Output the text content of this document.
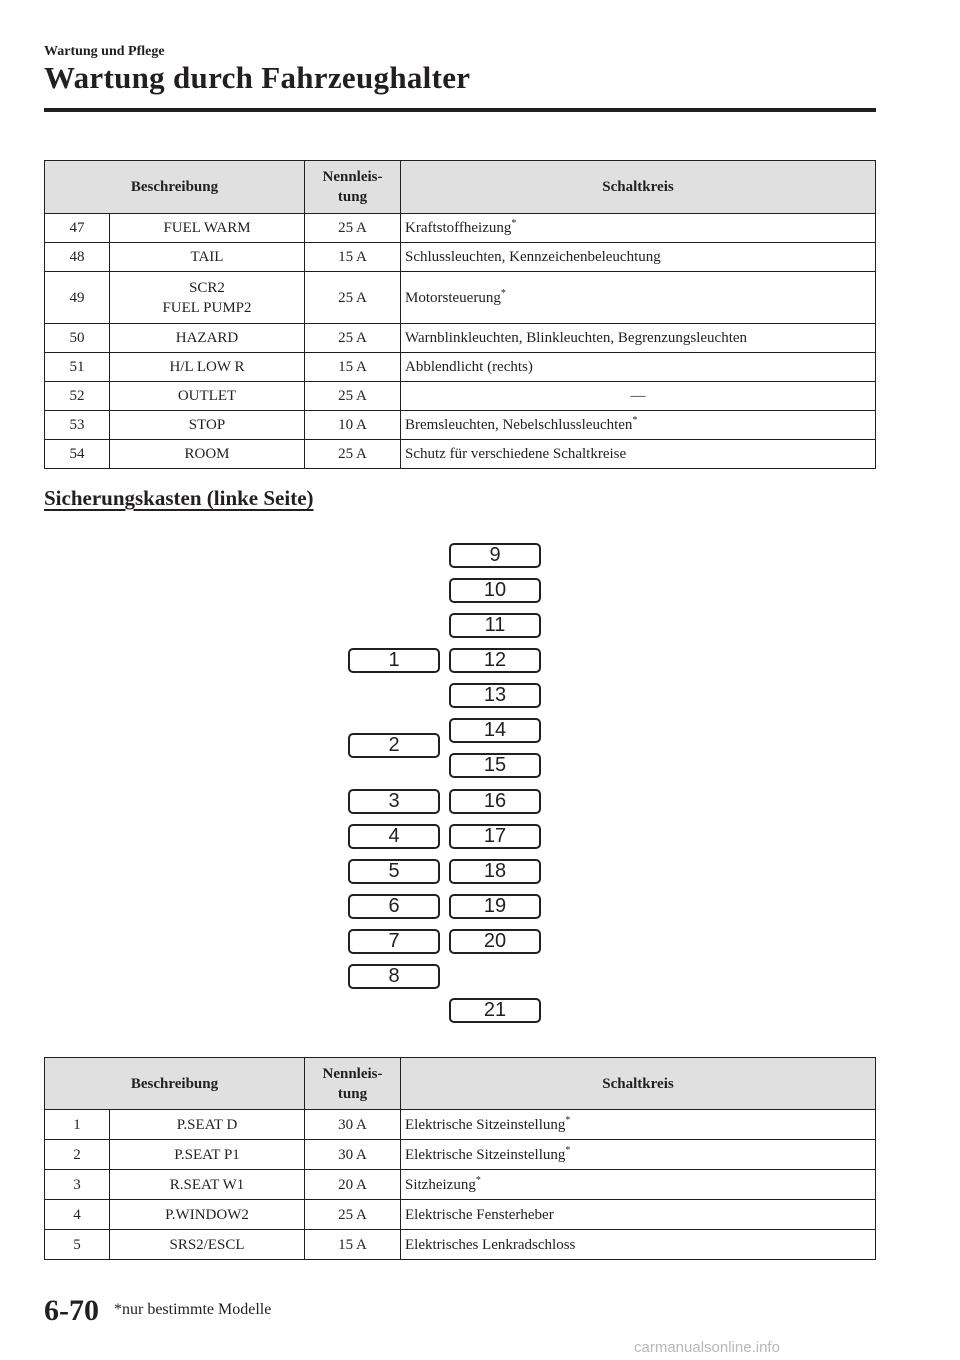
Wartung und Pflege
Wartung durch Fahrzeughalter
Beschreibung		Nennleis-
tung	Schaltkreis
47	FUEL WARM	25 A	Kraftstoffheizung*
48	TAIL	15 A	Schlussleuchten, Kennzeichenbeleuchtung
49	SCR2
FUEL PUMP2	25 A	Motorsteuerung*
50	HAZARD	25 A	Warnblinkleuchten, Blinkleuchten, Begrenzungsleuchten
51	H/L LOW R	15 A	Abblendlicht (rechts)
52	OUTLET	25 A	—
53	STOP	10 A	Bremsleuchten, Nebelschlussleuchten*
54	ROOM	25 A	Schutz für verschiedene Schaltkreise
Sicherungskasten (linke Seite)
1
2
3
4
5
6
7
8
9
10
11
12
13
14
15
16
17
18
19
20
21
Beschreibung		Nennleis-
tung	Schaltkreis
1	P.SEAT D	30 A	Elektrische Sitzeinstellung*
2	P.SEAT P1	30 A	Elektrische Sitzeinstellung*
3	R.SEAT W1	20 A	Sitzheizung*
4	P.WINDOW2	25 A	Elektrische Fensterheber
5	SRS2/ESCL	15 A	Elektrisches Lenkradschloss
6-70 *nur bestimmte Modelle
carmanualsonline.info
